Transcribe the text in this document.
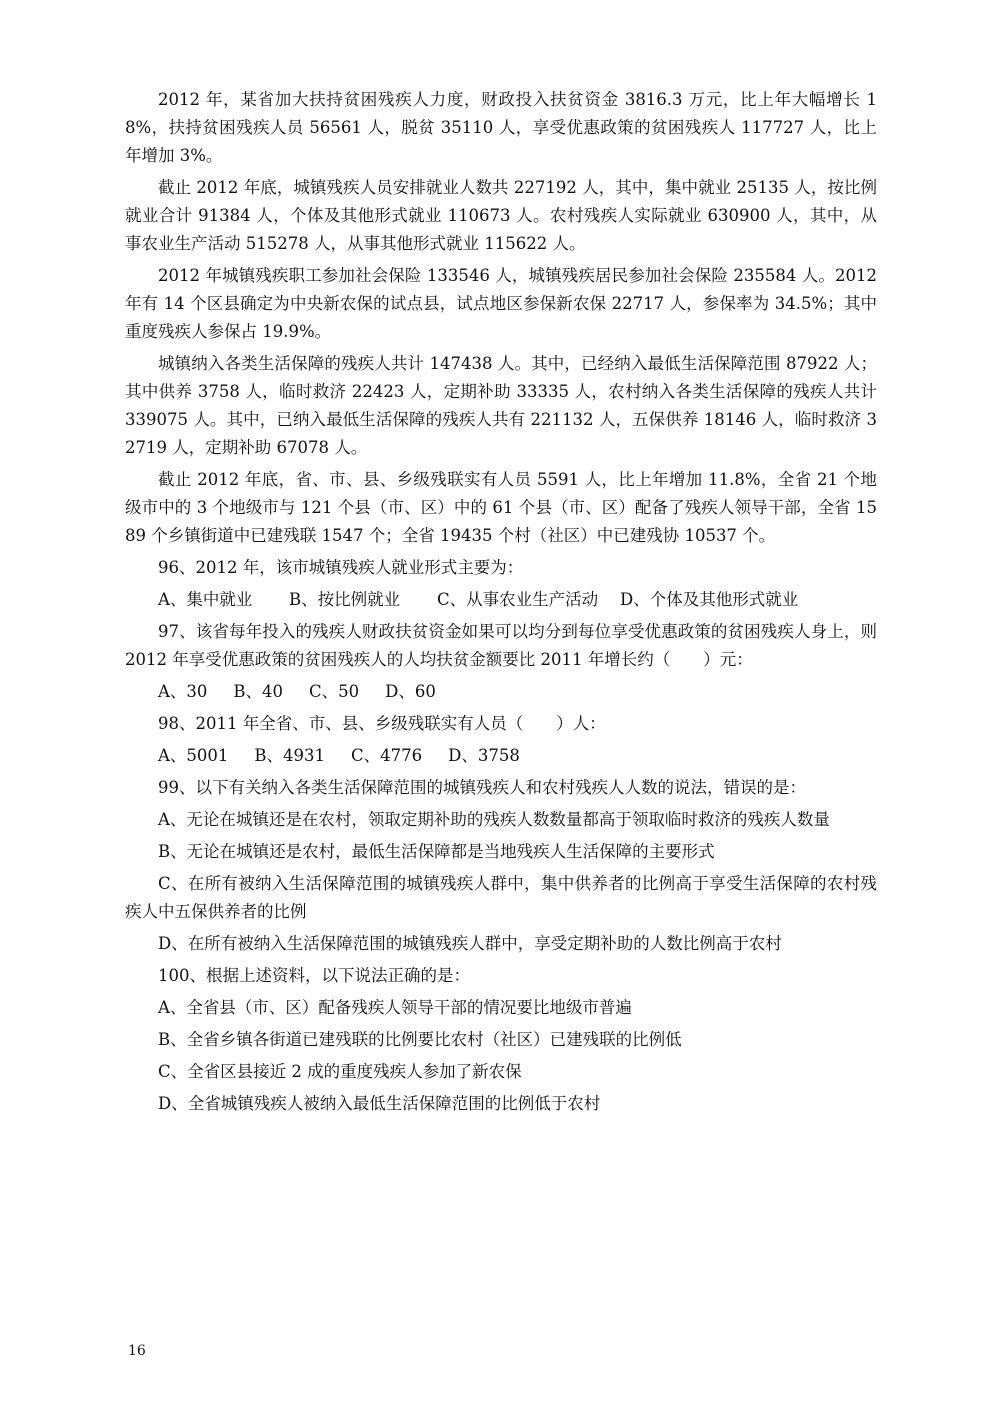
2012 年，某省加大扶持贫困残疾人力度，财政投入扶贫资金 3816.3 万元，比上年大幅增长 18%，扶持贫困残疾人员 56561 人，脱贫 35110 人，享受优惠政策的贫困残疾人 117727 人，比上年增加 3%。

截止 2012 年底，城镇残疾人员安排就业人数共 227192 人，其中，集中就业 25135 人，按比例就业合计 91384 人，个体及其他形式就业 110673 人。农村残疾人实际就业 630900 人，其中，从事农业生产活动 515278 人，从事其他形式就业 115622 人。

2012 年城镇残疾职工参加社会保险 133546 人，城镇残疾居民参加社会保险 235584 人。2012 年有 14 个区县确定为中央新农保的试点县，试点地区参保新农保 22717 人，参保率为 34.5%；其中重度残疾人参保占 19.9%。

城镇纳入各类生活保障的残疾人共计 147438 人。其中，已经纳入最低生活保障范围 87922 人；其中供养 3758 人，临时救济 22423 人，定期补助 33335 人，农村纳入各类生活保障的残疾人共计 339075 人。其中，已纳入最低生活保障的残疾人共有 221132 人，五保供养 18146 人，临时救济 32719 人，定期补助 67078 人。

截止 2012 年底，省、市、县、乡级残联实有人员 5591 人，比上年增加 11.8%，全省 21 个地级市中的 3 个地级市与 121 个县（市、区）中的 61 个县（市、区）配备了残疾人领导干部，全省 1589 个乡镇街道中已建残联 1547 个；全省 19435 个村（社区）中已建残协 10537 个。

96、2012 年，该市城镇残疾人就业形式主要为：

A、集中就业	B、按比例就业	C、从事农业生产活动	D、个体及其他形式就业

97、该省每年投入的残疾人财政扶贫资金如果可以均分到每位享受优惠政策的贫困残疾人身上，则 2012 年享受优惠政策的贫困残疾人的人均扶贫金额要比 2011 年增长约（　　）元：

A、30 B、40 C、50 D、60

98、2011 年全省、市、县、乡级残联实有人员（　　）人：

A、5001 B、4931 C、4776 D、3758

99、以下有关纳入各类生活保障范围的城镇残疾人和农村残疾人人数的说法，错误的是：

A、无论在城镇还是在农村，领取定期补助的残疾人数数量都高于领取临时救济的残疾人数量

B、无论在城镇还是农村，最低生活保障都是当地残疾人生活保障的主要形式

C、在所有被纳入生活保障范围的城镇残疾人群中，集中供养者的比例高于享受生活保障的农村残疾人中五保供养者的比例

D、在所有被纳入生活保障范围的城镇残疾人群中，享受定期补助的人数比例高于农村

100、根据上述资料，以下说法正确的是：

A、全省县（市、区）配备残疾人领导干部的情况要比地级市普遍

B、全省乡镇各街道已建残联的比例要比农村（社区）已建残联的比例低

C、全省区县接近 2 成的重度残疾人参加了新农保

D、全省城镇残疾人被纳入最低生活保障范围的比例低于农村

16
